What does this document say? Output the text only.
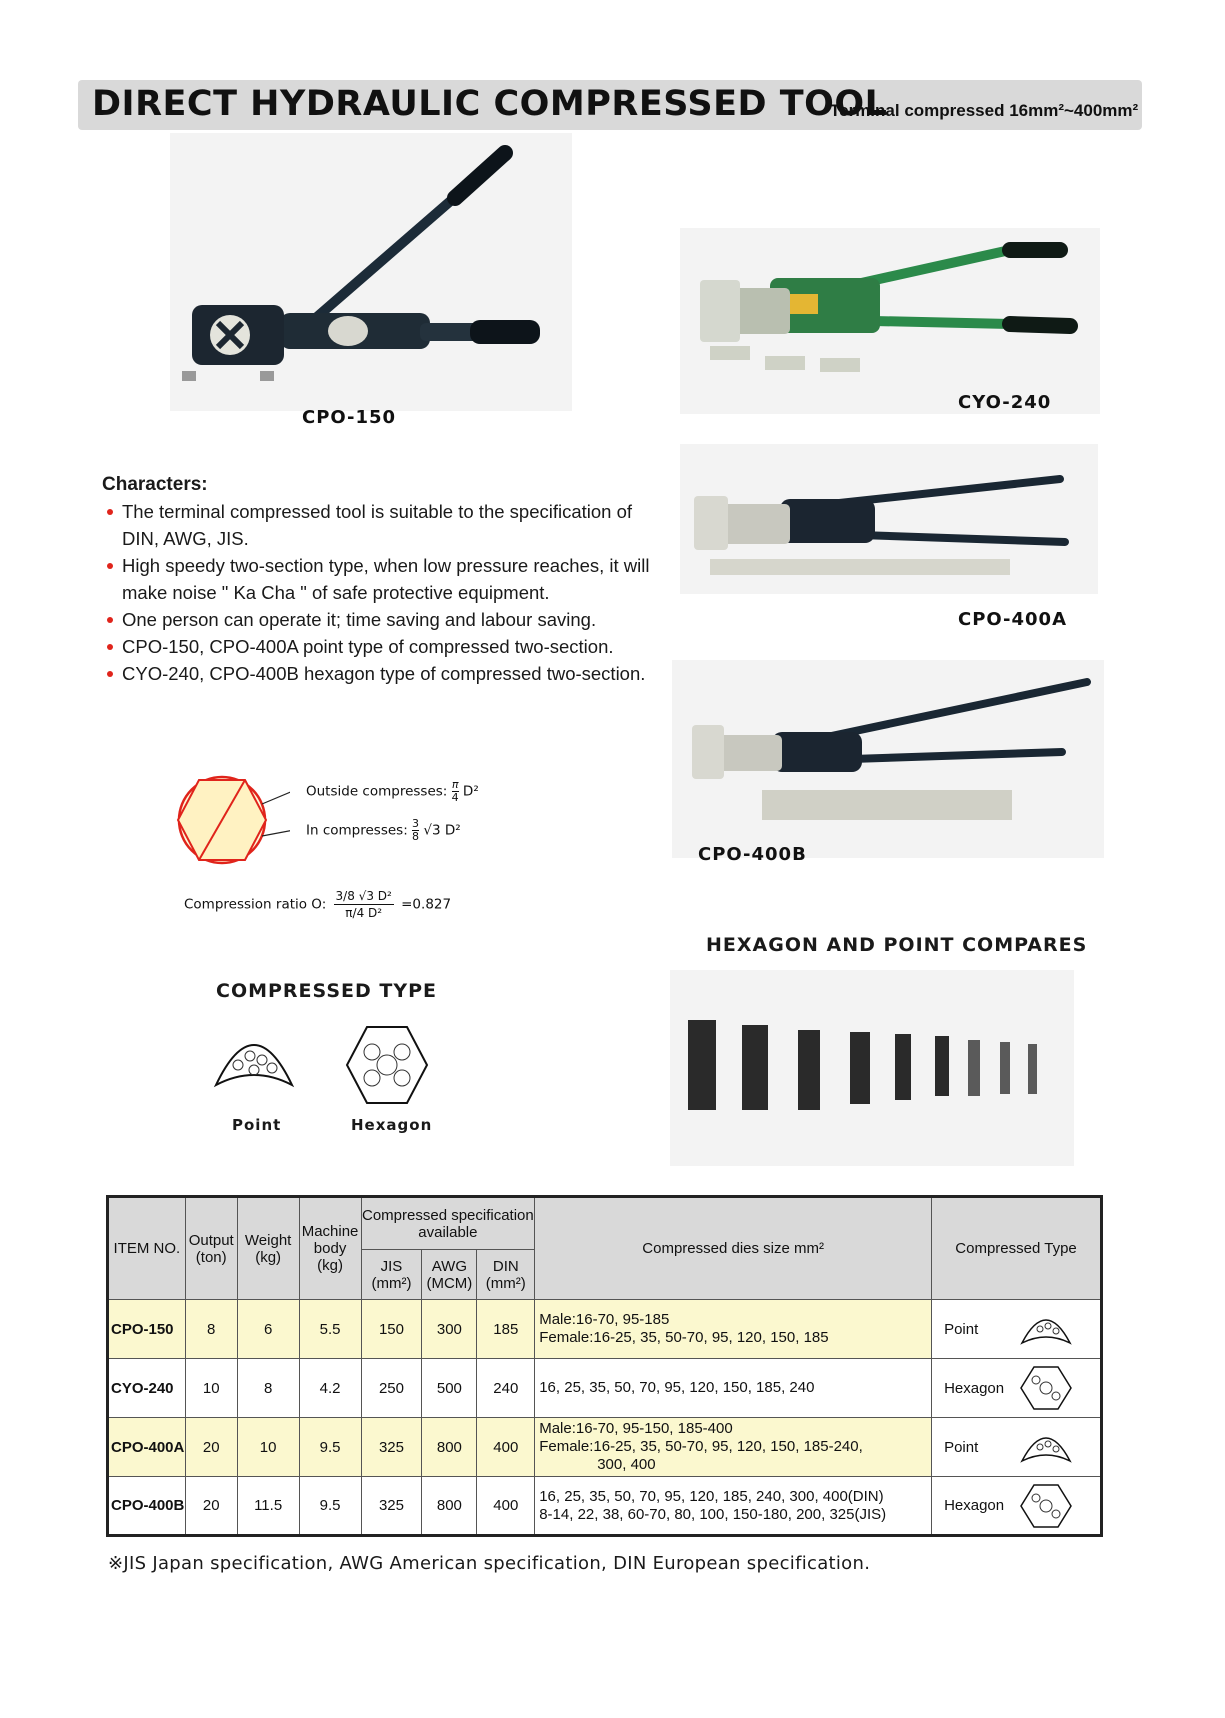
DIRECT HYDRAULIC COMPRESSED TOOL
Terminal compressed 16mm²~400mm²
CPO-150
CYO-240
CPO-400A
CPO-400B
Characters:
The terminal compressed tool is suitable to the specification of DIN, AWG, JIS.
High speedy two-section type, when low pressure reaches, it will make noise " Ka Cha " of safe protective equipment.
One person can operate it; time saving and labour saving.
CPO-150, CPO-400A point type of compressed two-section.
CYO-240, CPO-400B hexagon type of compressed two-section.
Outside compresses: π
4 D²
In compresses: 3
8 √3 D²
Compression ratio O: $\frac{\text{3/8 √3 D²}}{\text{π/4 D²}} =0.827$
COMPRESSED TYPE
Point	Hexagon
HEXAGON AND POINT COMPARES
ITEM NO.	Output (ton)	Weight (kg)	Machine body (kg)	Compressed specification available			Compressed dies size mm²	Compressed Type
				JIS (mm²)	AWG (MCM)	DIN (mm²)		
CPO-150	8	6	5.5	150	300	185	Male:16-70, 95-185
Female:16-25, 35, 50-70, 95, 120, 150, 185	Point

CYO-240	10	8	4.2	250	500	240	16, 25, 35, 50, 70, 95, 120, 150, 185, 240	Hexagon

CPO-400A	20	10	9.5	325	800	400	Male:16-70, 95-150, 185-400
Female:16-25, 35, 50-70, 95, 120, 150, 185-240,
300, 400	Point

CPO-400B	20	11.5	9.5	325	800	400	16, 25, 35, 50, 70, 95, 120, 185, 240, 300, 400(DIN)
8-14, 22, 38, 60-70, 80, 100, 150-180, 200, 325(JIS)	Hexagon
※JIS Japan specification, AWG American specification, DIN European specification.
